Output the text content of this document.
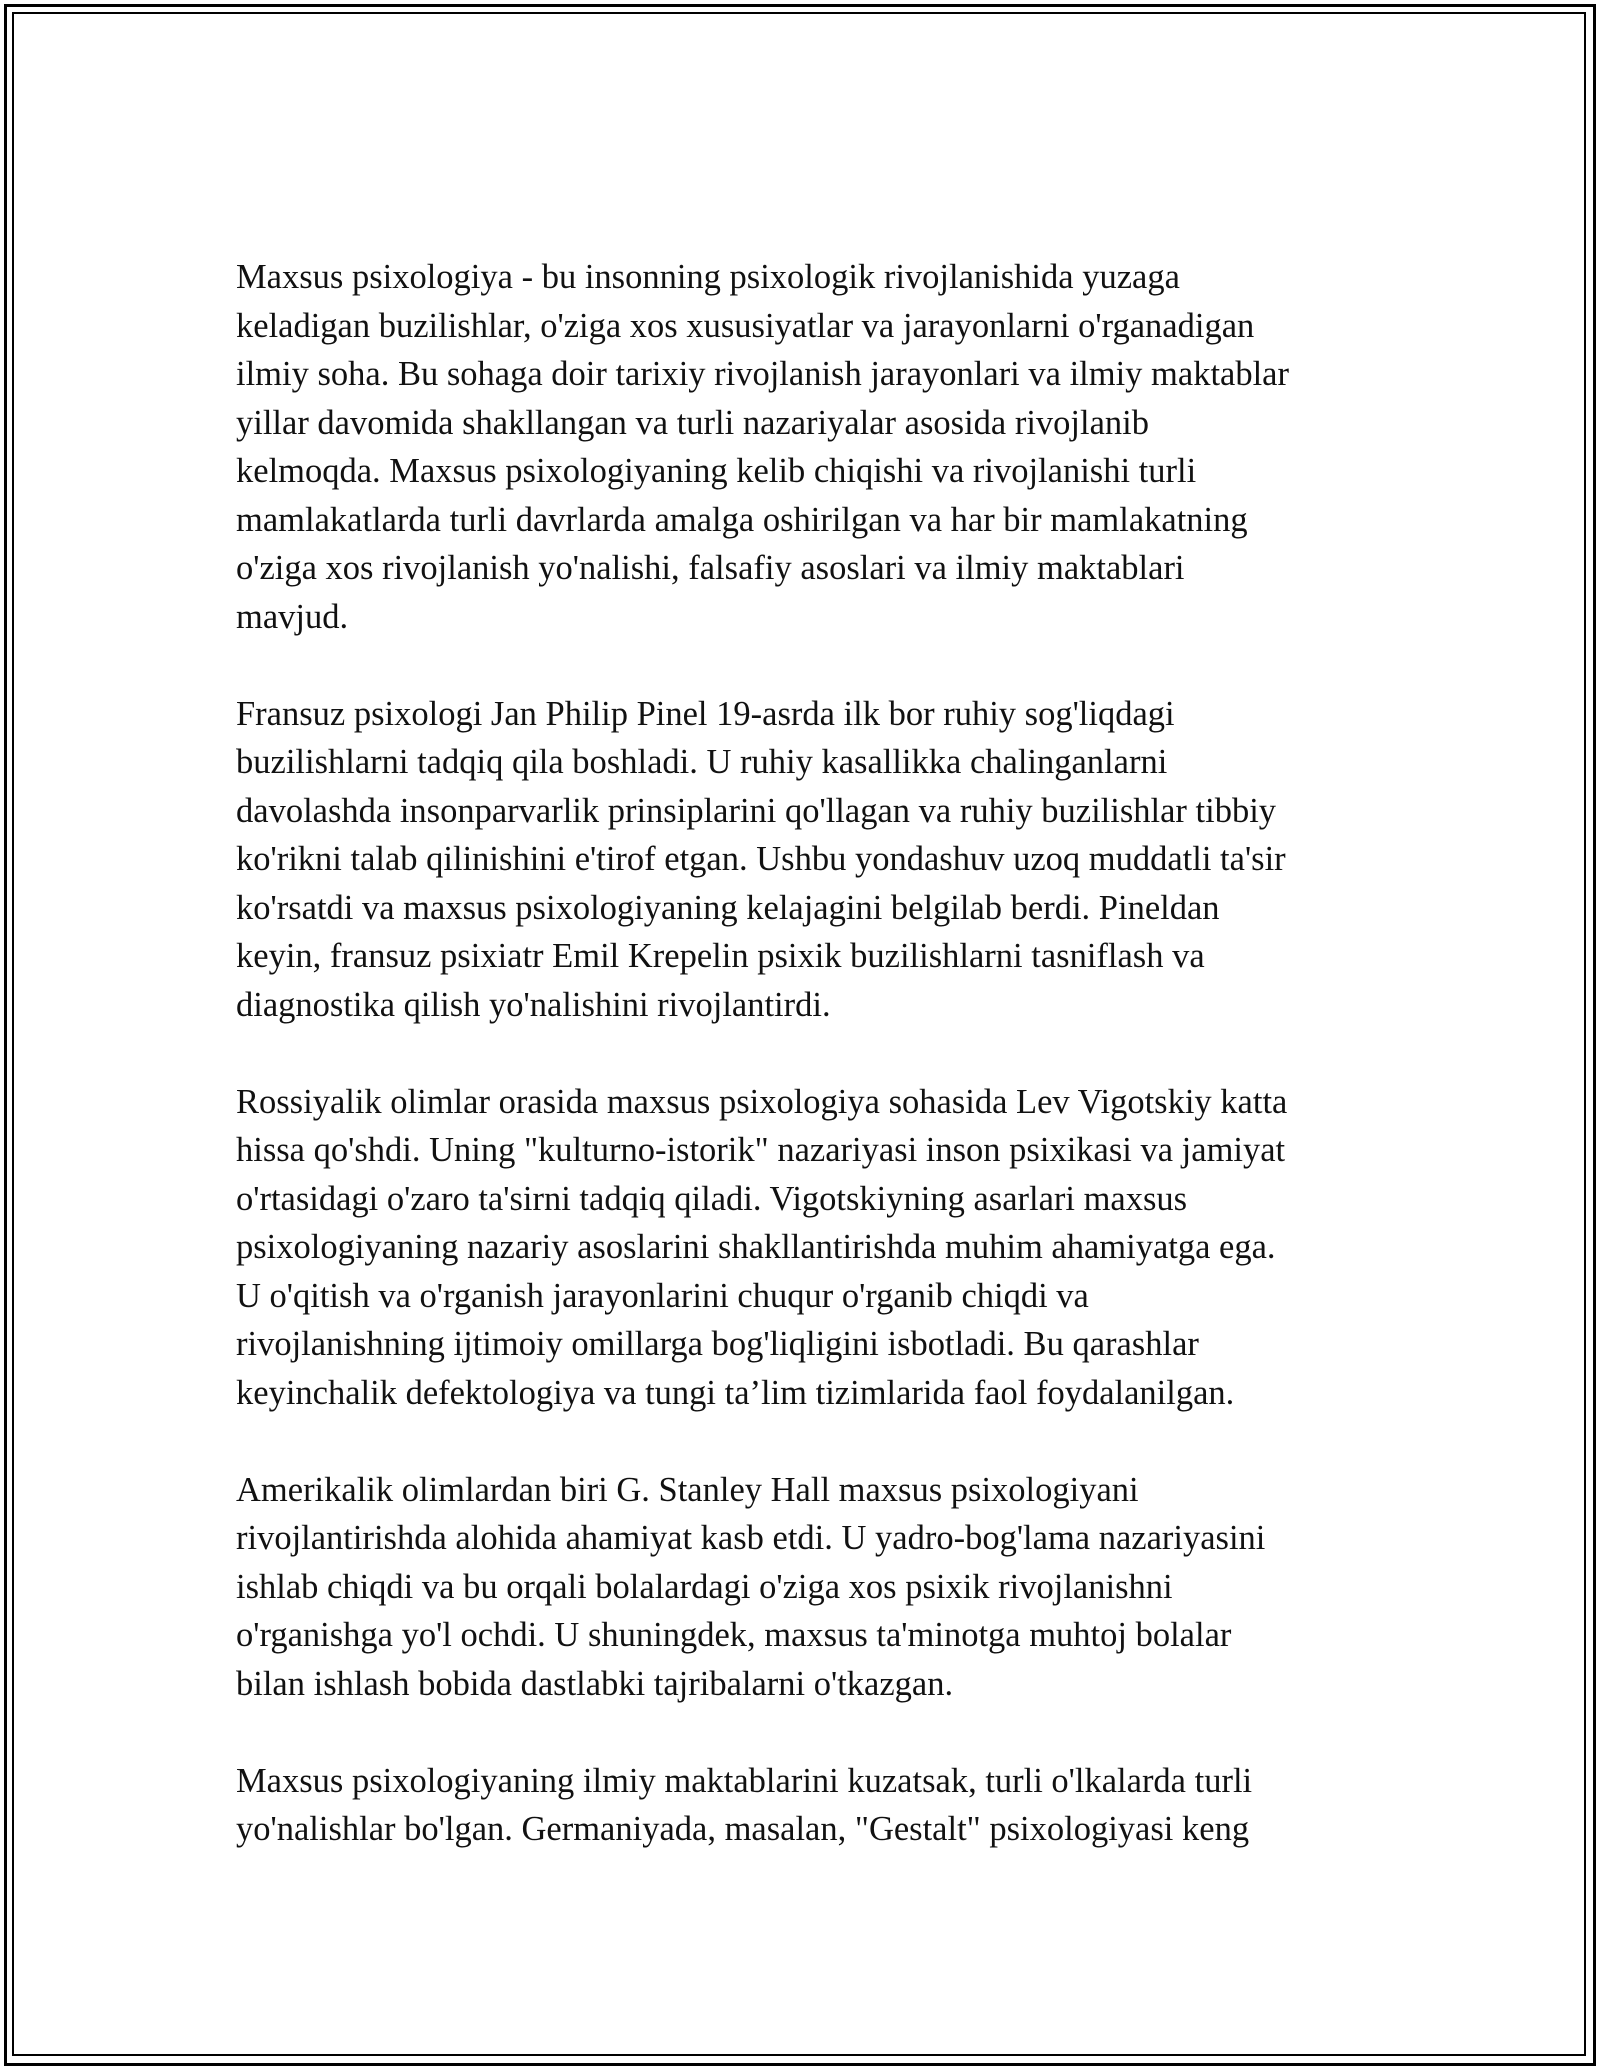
Maxsus psixologiya - bu insonning psixologik rivojlanishida yuzaga
keladigan buzilishlar, o'ziga xos xususiyatlar va jarayonlarni o'rganadigan
ilmiy soha. Bu sohaga doir tarixiy rivojlanish jarayonlari va ilmiy maktablar
yillar davomida shakllangan va turli nazariyalar asosida rivojlanib
kelmoqda. Maxsus psixologiyaning kelib chiqishi va rivojlanishi turli
mamlakatlarda turli davrlarda amalga oshirilgan va har bir mamlakatning
o'ziga xos rivojlanish yo'nalishi, falsafiy asoslari va ilmiy maktablari
mavjud.

Fransuz psixologi Jan Philip Pinel 19-asrda ilk bor ruhiy sog'liqdagi
buzilishlarni tadqiq qila boshladi. U ruhiy kasallikka chalinganlarni
davolashda insonparvarlik prinsiplarini qo'llagan va ruhiy buzilishlar tibbiy
ko'rikni talab qilinishini e'tirof etgan. Ushbu yondashuv uzoq muddatli ta'sir
ko'rsatdi va maxsus psixologiyaning kelajagini belgilab berdi. Pineldan
keyin, fransuz psixiatr Emil Krepelin psixik buzilishlarni tasniflash va
diagnostika qilish yo'nalishini rivojlantirdi.

Rossiyalik olimlar orasida maxsus psixologiya sohasida Lev Vigotskiy katta
hissa qo'shdi. Uning "kulturno-istorik" nazariyasi inson psixikasi va jamiyat
o'rtasidagi o'zaro ta'sirni tadqiq qiladi. Vigotskiyning asarlari maxsus
psixologiyaning nazariy asoslarini shakllantirishda muhim ahamiyatga ega.
U o'qitish va o'rganish jarayonlarini chuqur o'rganib chiqdi va
rivojlanishning ijtimoiy omillarga bog'liqligini isbotladi. Bu qarashlar
keyinchalik defektologiya va tungi ta’lim tizimlarida faol foydalanilgan.

Amerikalik olimlardan biri G. Stanley Hall maxsus psixologiyani
rivojlantirishda alohida ahamiyat kasb etdi. U yadro-bog'lama nazariyasini
ishlab chiqdi va bu orqali bolalardagi o'ziga xos psixik rivojlanishni
o'rganishga yo'l ochdi. U shuningdek, maxsus ta'minotga muhtoj bolalar
bilan ishlash bobida dastlabki tajribalarni o'tkazgan.

Maxsus psixologiyaning ilmiy maktablarini kuzatsak, turli o'lkalarda turli
yo'nalishlar bo'lgan. Germaniyada, masalan, "Gestalt" psixologiyasi keng
